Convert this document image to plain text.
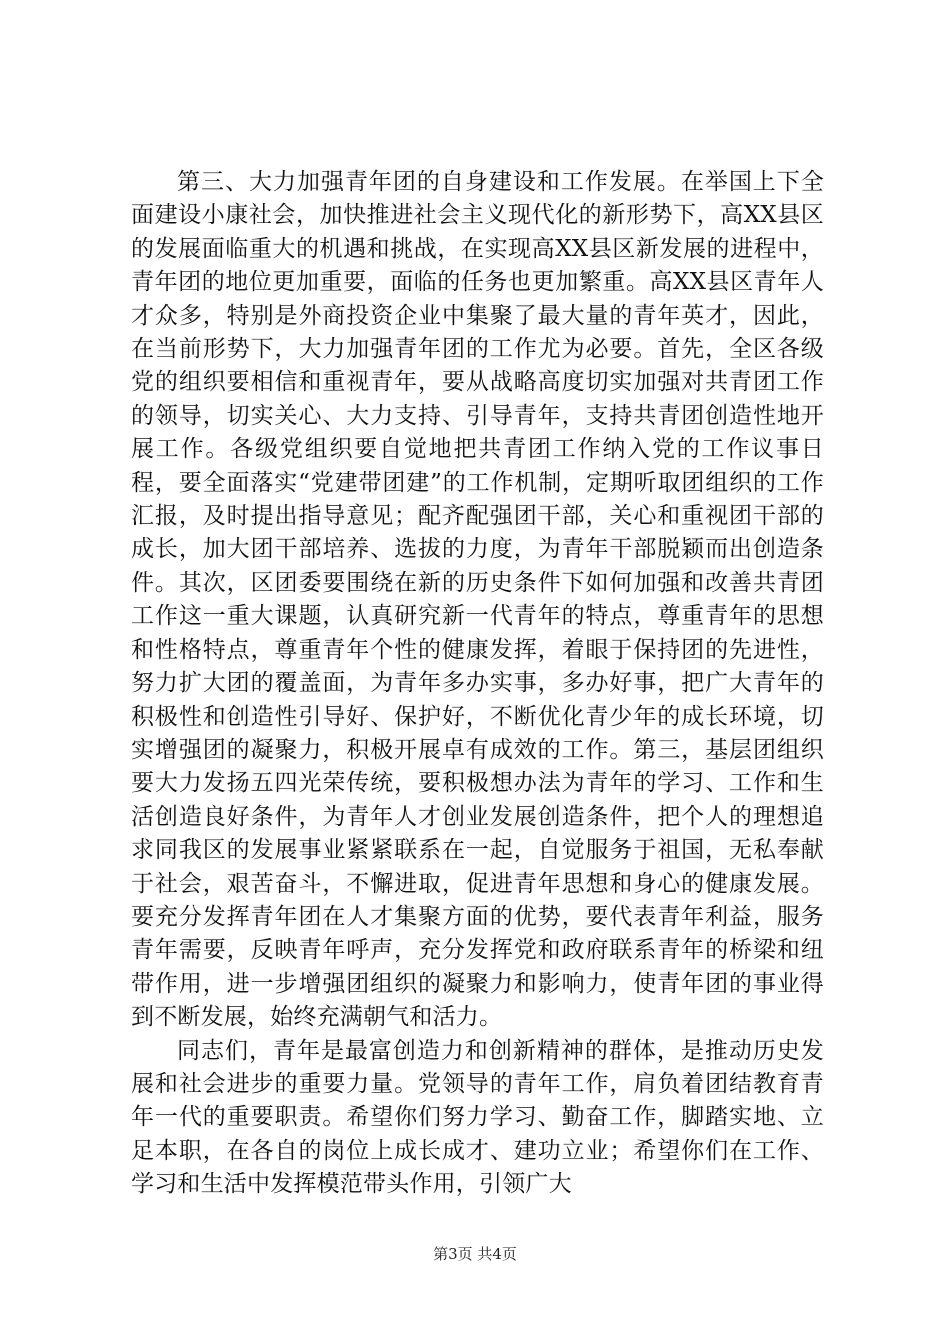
第三、大力加强青年团的自身建设和工作发展。在举国上下全面建设小康社会，加快推进社会主义现代化的新形势下，高XX县区的发展面临重大的机遇和挑战，在实现高XX县区新发展的进程中，青年团的地位更加重要，面临的任务也更加繁重。高XX县区青年人才众多，特别是外商投资企业中集聚了最大量的青年英才，因此，在当前形势下，大力加强青年团的工作尤为必要。首先，全区各级党的组织要相信和重视青年，要从战略高度切实加强对共青团工作的领导，切实关心、大力支持、引导青年，支持共青团创造性地开展工作。各级党组织要自觉地把共青团工作纳入党的工作议事日程，要全面落实“党建带团建”的工作机制，定期听取团组织的工作汇报，及时提出指导意见；配齐配强团干部，关心和重视团干部的成长，加大团干部培养、选拔的力度，为青年干部脱颖而出创造条件。其次，区团委要围绕在新的历史条件下如何加强和改善共青团工作这一重大课题，认真研究新一代青年的特点，尊重青年的思想和性格特点，尊重青年个性的健康发挥，着眼于保持团的先进性，努力扩大团的覆盖面，为青年多办实事，多办好事，把广大青年的积极性和创造性引导好、保护好，不断优化青少年的成长环境，切实增强团的凝聚力，积极开展卓有成效的工作。第三，基层团组织要大力发扬五四光荣传统，要积极想办法为青年的学习、工作和生活创造良好条件，为青年人才创业发展创造条件，把个人的理想追求同我区的发展事业紧紧联系在一起，自觉服务于祖国，无私奉献于社会，艰苦奋斗，不懈进取，促进青年思想和身心的健康发展。要充分发挥青年团在人才集聚方面的优势，要代表青年利益，服务青年需要，反映青年呼声，充分发挥党和政府联系青年的桥梁和纽带作用，进一步增强团组织的凝聚力和影响力，使青年团的事业得到不断发展，始终充满朝气和活力。

同志们，青年是最富创造力和创新精神的群体，是推动历史发展和社会进步的重要力量。党领导的青年工作，肩负着团结教育青年一代的重要职责。希望你们努力学习、勤奋工作，脚踏实地、立足本职，在各自的岗位上成长成才、建功立业；希望你们在工作、学习和生活中发挥模范带头作用，引领广大

第3页 共4页
